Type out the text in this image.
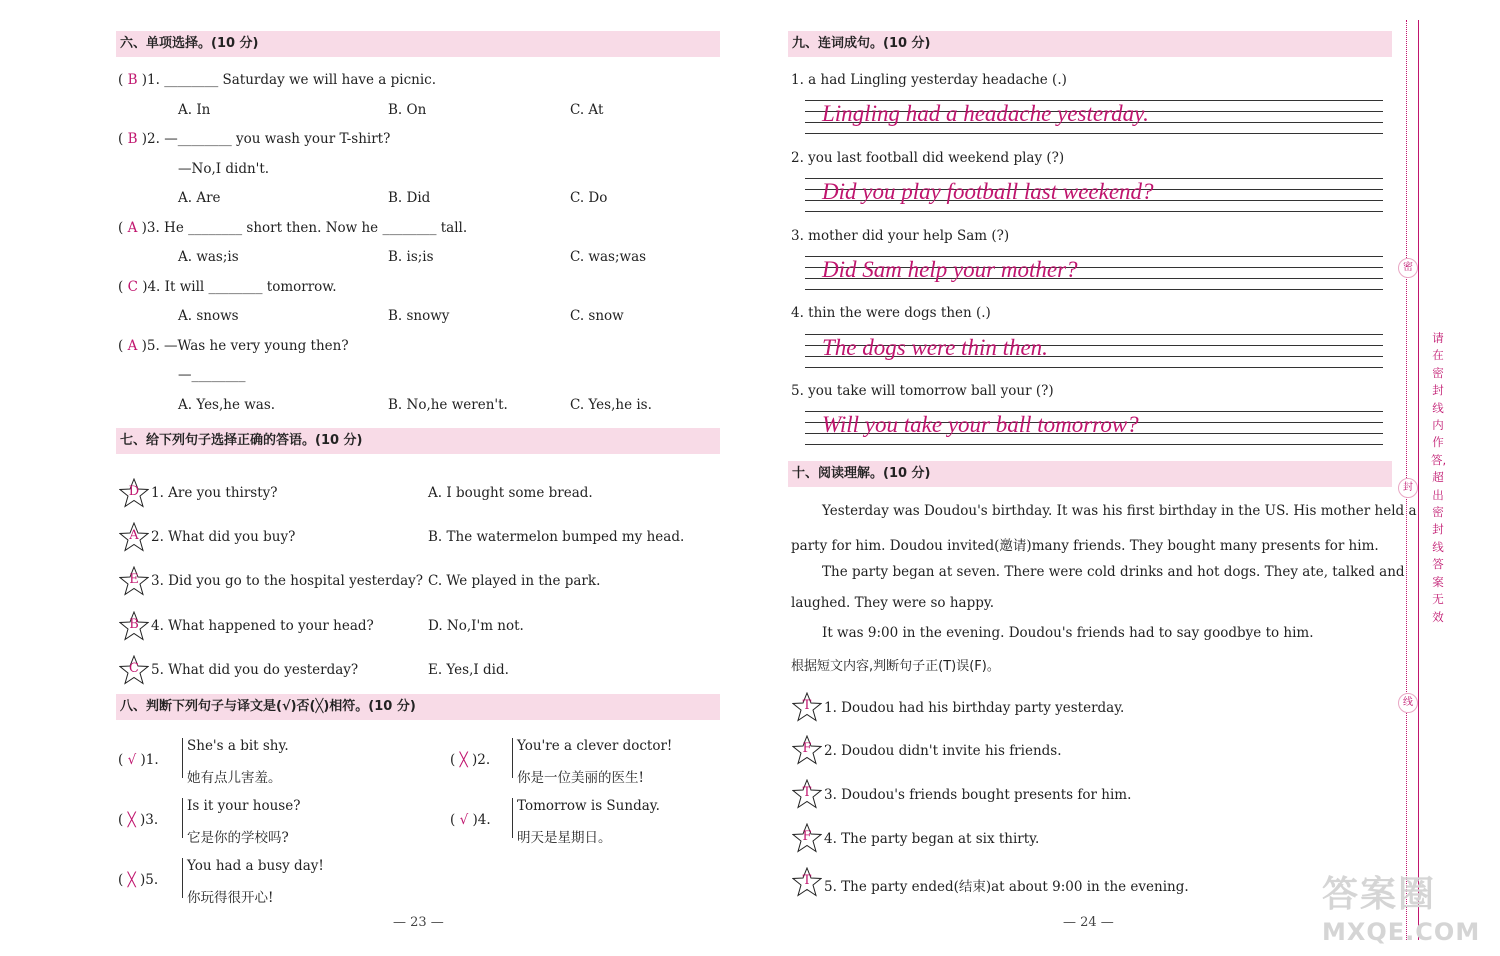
六、单项选择。(10 分)
( B )1. ________ Saturday we will have a picnic.
A. In	B. On	C. At
( B )2. —________ you wash your T-shirt?
—No,I didn't.
A. Are	B. Did	C. Do
( A )3. He ________ short then. Now he ________ tall.
A. was;is	B. is;is	C. was;was
( C )4. It will ________ tomorrow.
A. snows	B. snowy	C. snow
( A )5. —Was he very young then?
—________
A. Yes,he was.	B. No,he weren't.	C. Yes,he is.
七、给下列句子选择正确的答语。(10 分)
D 1. Are you thirsty?	A. I bought some bread.
A 2. What did you buy?	B. The watermelon bumped my head.
E 3. Did you go to the hospital yesterday? C. We played in the park.
B 4. What happened to your head?	D. No,I'm not.
C 5. What did you do yesterday?	E. Yes,I did.
八、判断下列句子与译文是(√)否(╳)相符。(10 分)
( √ )1.
She's a bit shy.
她有点儿害羞。
( ╳ )2.
You're a clever doctor!
你是一位美丽的医生!
( ╳ )3.
Is it your house?
它是你的学校吗?
( √ )4.
Tomorrow is Sunday.
明天是星期日。
( ╳ )5.
You had a busy day!
你玩得很开心!
— 23 —
九、连词成句。(10 分)
1. a had Lingling yesterday headache (.)
Lingling had a headache yesterday.
2. you last football did weekend play (?)
Did you play football last weekend?
3. mother did your help Sam (?)
Did Sam help your mother?
4. thin the were dogs then (.)
The dogs were thin then.
5. you take will tomorrow ball your (?)
Will you take your ball tomorrow?
十、阅读理解。(10 分)
Yesterday was Doudou's birthday. It was his first birthday in the US. His mother held a
party for him. Doudou invited(邀请)many friends. They bought many presents for him.
The party began at seven. There were cold drinks and hot dogs. They ate, talked and
laughed. They were so happy.
It was 9:00 in the evening. Doudou's friends had to say goodbye to him.
根据短文内容,判断句子正(T)误(F)。
T 1. Doudou had his birthday party yesterday.
F 2. Doudou didn't invite his friends.
T 3. Doudou's friends bought presents for him.
F 4. The party began at six thirty.
T 5. The party ended(结束)at about 9:00 in the evening.
— 24 —
密
封
线
请在密封线内作答,超出密封线答案无效
答案圈
MXQE.COM
